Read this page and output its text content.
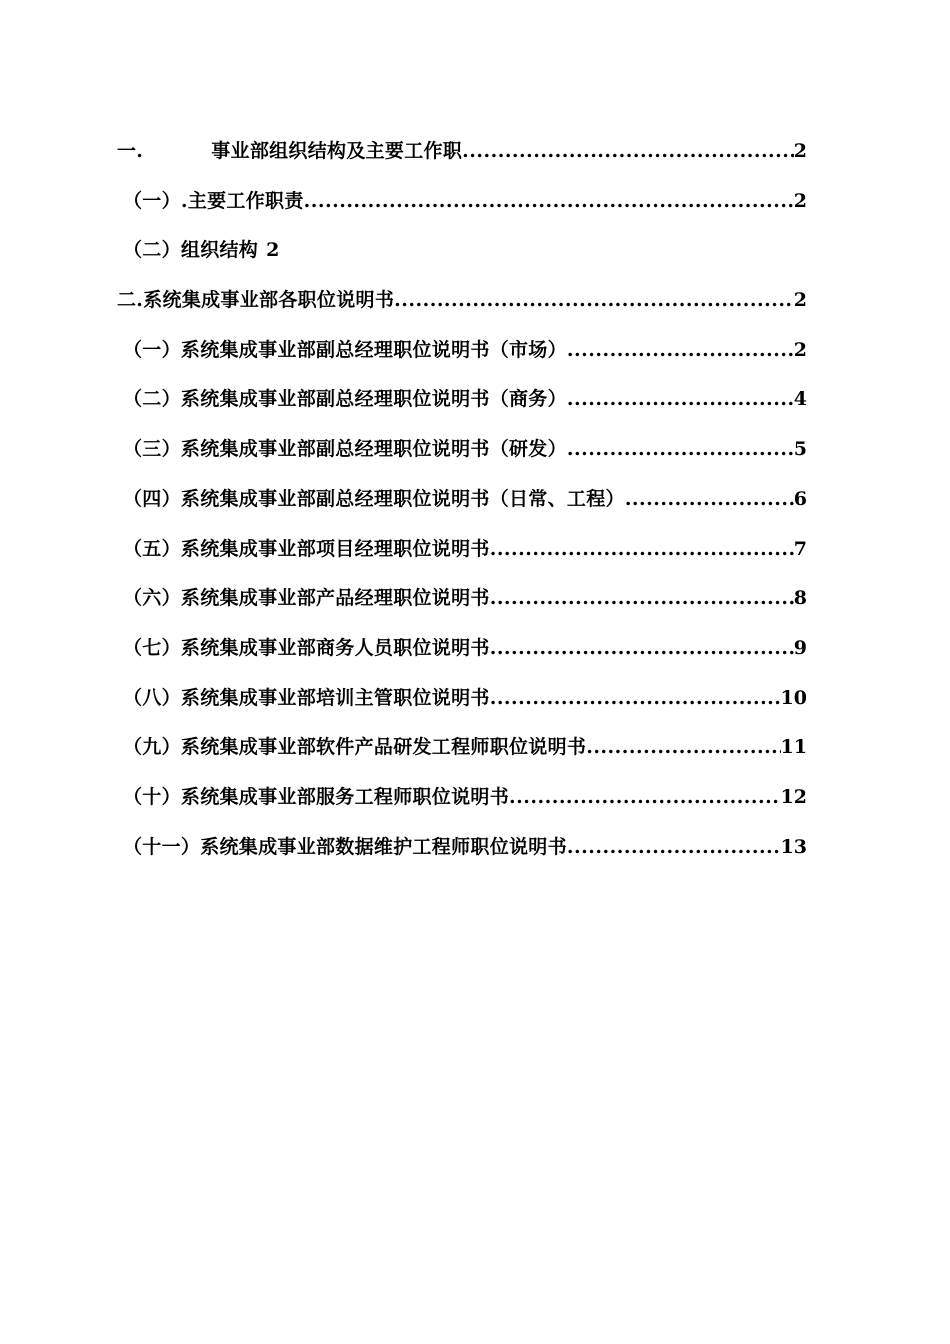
一.	事业部组织结构及主要工作职 .....	2
（一）.主要工作职责 .....	2
（二）组织结构 2
二.系统集成事业部各职位说明书 .....	2
（一）系统集成事业部副总经理职位说明书（市场） .....	2
（二）系统集成事业部副总经理职位说明书（商务） .....	4
（三）系统集成事业部副总经理职位说明书（研发） .....	5
（四）系统集成事业部副总经理职位说明书（日常、工程） .....	6
（五）系统集成事业部项目经理职位说明书 .....	7
（六）系统集成事业部产品经理职位说明书 .....	8
（七）系统集成事业部商务人员职位说明书 .....	9
（八）系统集成事业部培训主管职位说明书 .....	10
（九）系统集成事业部软件产品研发工程师职位说明书 .....	11
（十）系统集成事业部服务工程师职位说明书 .....	12
（十一）系统集成事业部数据维护工程师职位说明书 .....	13
